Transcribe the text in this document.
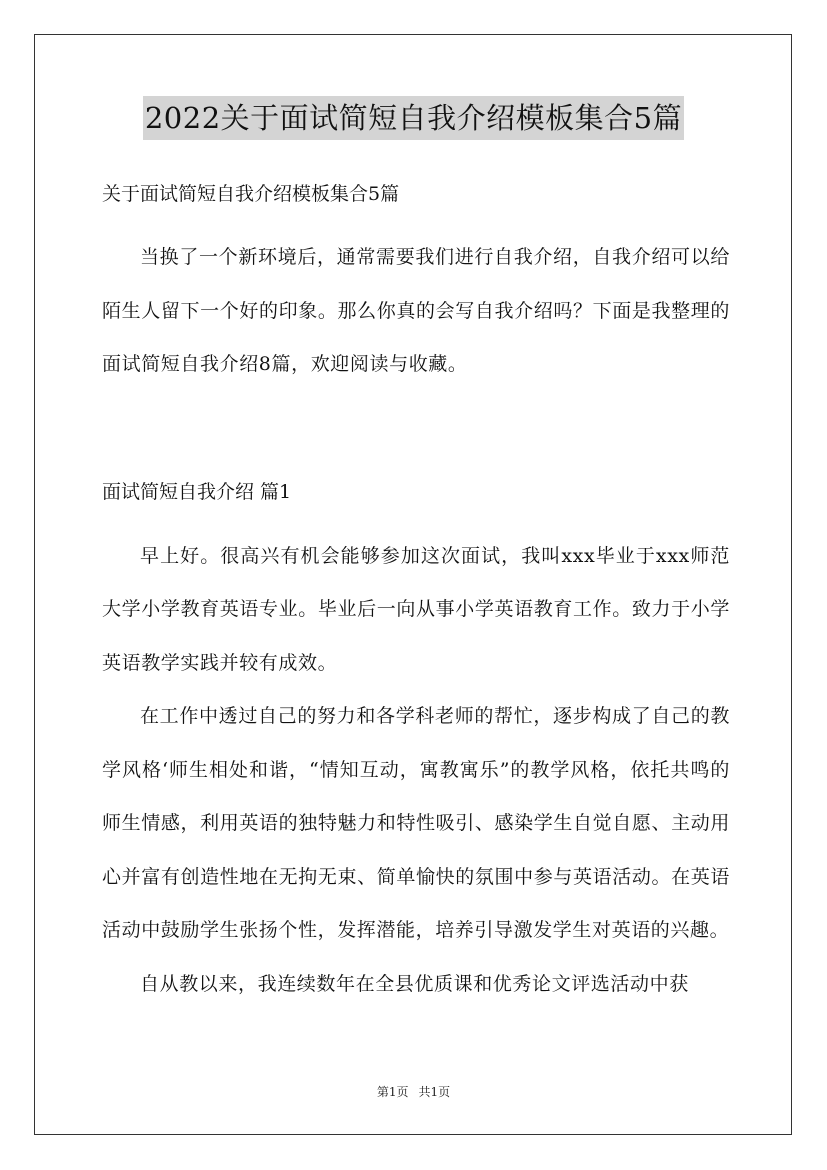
2022关于面试简短自我介绍模板集合5篇

关于面试简短自我介绍模板集合5篇

当换了一个新环境后，通常需要我们进行自我介绍，自我介绍可以给陌生人留下一个好的印象。那么你真的会写自我介绍吗？下面是我整理的面试简短自我介绍8篇，欢迎阅读与收藏。

面试简短自我介绍 篇1

早上好。很高兴有机会能够参加这次面试，我叫xxx毕业于xxx师范大学小学教育英语专业。毕业后一向从事小学英语教育工作。致力于小学英语教学实践并较有成效。

在工作中透过自己的努力和各学科老师的帮忙，逐步构成了自己的教学风格‘师生相处和谐，“情知互动，寓教寓乐”的教学风格，依托共鸣的师生情感，利用英语的独特魅力和特性吸引、感染学生自觉自愿、主动用心并富有创造性地在无拘无束、简单愉快的氛围中参与英语活动。在英语活动中鼓励学生张扬个性，发挥潜能，培养引导激发学生对英语的兴趣。

自从教以来，我连续数年在全县优质课和优秀论文评选活动中获

第1页 共1页
